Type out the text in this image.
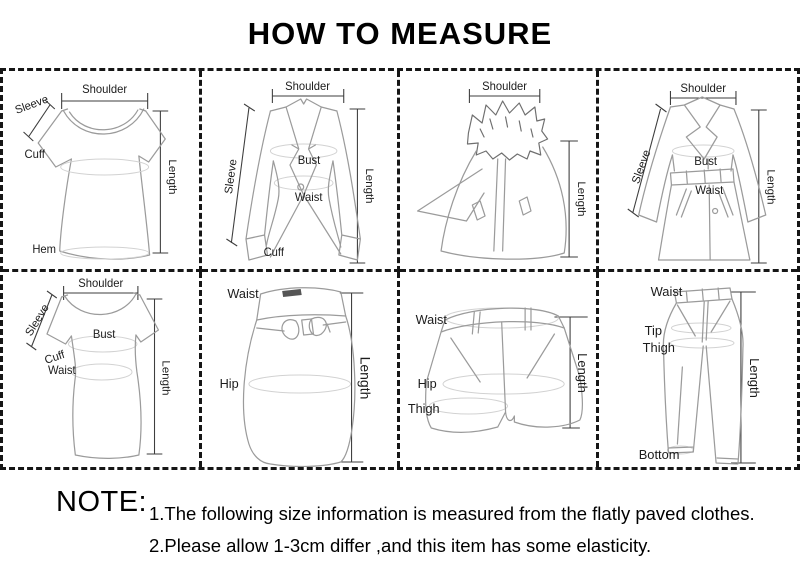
HOW TO MEASURE
Shoulder
Sleeve
Cuff
Hem
Length
Shoulder
Sleeve	Bust
Waist
Cuff
Length
Shoulder
Length
Shoulder
Sleeve	Bust
Waist	Length
Shoulder
Sleeve	Bust
Cuff
Waist	Length
Waist
Hip	Length
Waist
Hip
Thigh
Length
Waist
Tip
Thigh
Bottom
Length
NOTE: 1.The following size information is measured from the flatly paved clothes.
2.Please allow 1-3cm differ ,and this item has some elasticity.
